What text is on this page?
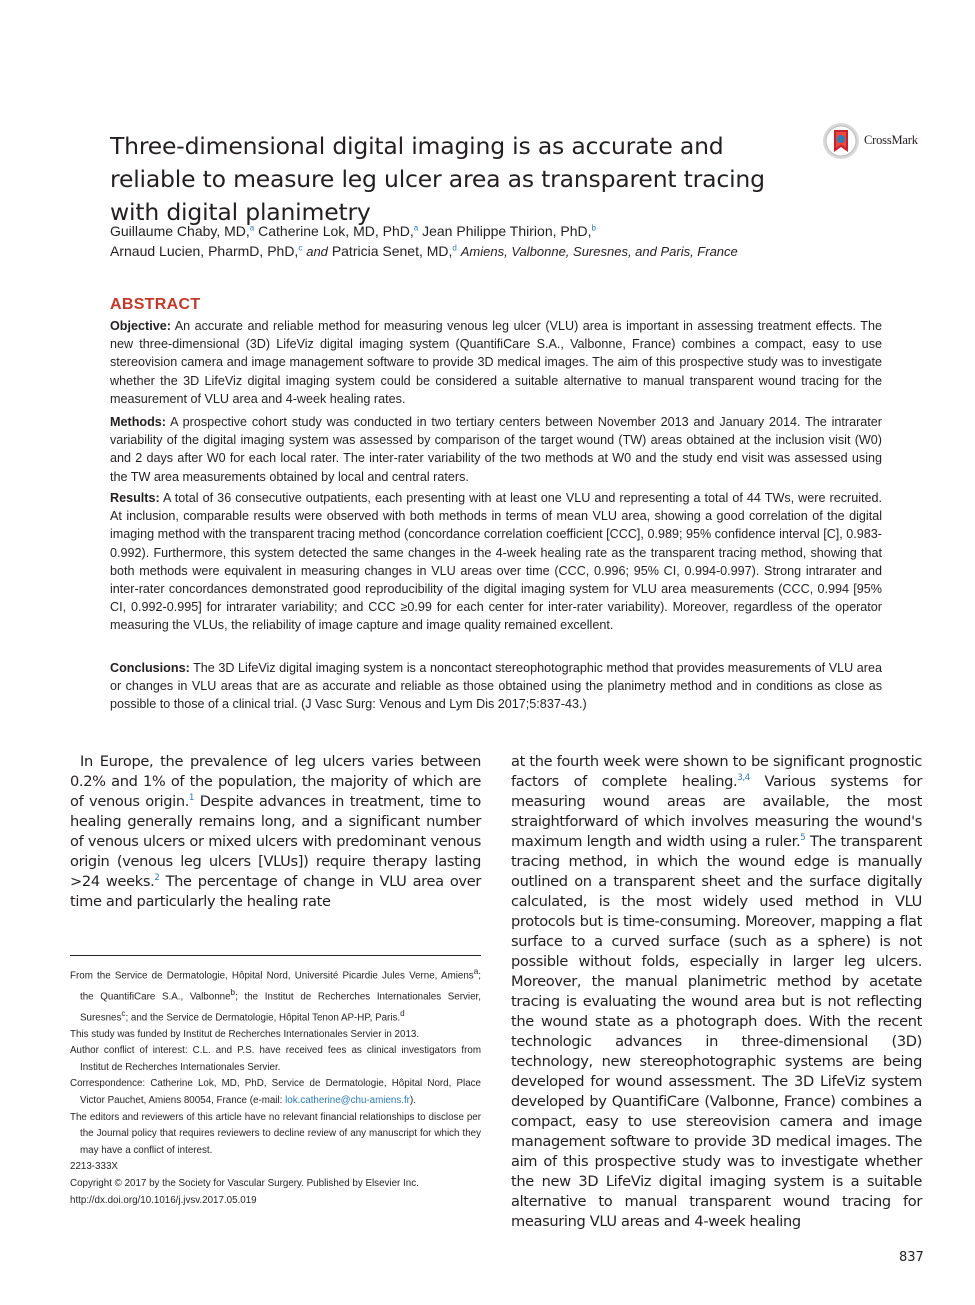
Three-dimensional digital imaging is as accurate and reliable to measure leg ulcer area as transparent tracing with digital planimetry
CrossMark
Guillaume Chaby, MD,$^a$ Catherine Lok, MD, PhD,$^a$ Jean Philippe Thirion, PhD,$^b$
Arnaud Lucien, PharmD, PhD,$^c$ and Patricia Senet, MD,$^d$ Amiens, Valbonne, Suresnes, and Paris, France
ABSTRACT
Objective: An accurate and reliable method for measuring venous leg ulcer (VLU) area is important in assessing treatment effects. The new three-dimensional (3D) LifeViz digital imaging system (QuantifiCare S.A., Valbonne, France) combines a compact, easy to use stereovision camera and image management software to provide 3D medical images. The aim of this prospective study was to investigate whether the 3D LifeViz digital imaging system could be considered a suitable alternative to manual transparent wound tracing for the measurement of VLU area and 4-week healing rates.
Methods: A prospective cohort study was conducted in two tertiary centers between November 2013 and January 2014. The intrarater variability of the digital imaging system was assessed by comparison of the target wound (TW) areas obtained at the inclusion visit (W0) and 2 days after W0 for each local rater. The inter-rater variability of the two methods at W0 and the study end visit was assessed using the TW area measurements obtained by local and central raters.
Results: A total of 36 consecutive outpatients, each presenting with at least one VLU and representing a total of 44 TWs, were recruited. At inclusion, comparable results were observed with both methods in terms of mean VLU area, showing a good correlation of the digital imaging method with the transparent tracing method (concordance correlation coefficient [CCC], 0.989; 95% confidence interval [C], 0.983-0.992). Furthermore, this system detected the same changes in the 4-week healing rate as the transparent tracing method, showing that both methods were equivalent in measuring changes in VLU areas over time (CCC, 0.996; 95% CI, 0.994-0.997). Strong intrarater and inter-rater concordances demonstrated good reproducibility of the digital imaging system for VLU area measurements (CCC, 0.994 [95% CI, 0.992-0.995] for intrarater variability; and CCC ≥0.99 for each center for inter-rater variability). Moreover, regardless of the operator measuring the VLUs, the reliability of image capture and image quality remained excellent.
Conclusions: The 3D LifeViz digital imaging system is a noncontact stereophotographic method that provides measurements of VLU area or changes in VLU areas that are as accurate and reliable as those obtained using the planimetry method and in conditions as close as possible to those of a clinical trial. (J Vasc Surg: Venous and Lym Dis 2017;5:837-43.)
In Europe, the prevalence of leg ulcers varies between 0.2% and 1% of the population, the majority of which are of venous origin.$^1$ Despite advances in treatment, time to healing generally remains long, and a significant number of venous ulcers or mixed ulcers with predominant venous origin (venous leg ulcers [VLUs]) require therapy lasting >24 weeks.$^2$ The percentage of change in VLU area over time and particularly the healing rate
at the fourth week were shown to be significant prognostic factors of complete healing.$^{3,4}$ Various systems for measuring wound areas are available, the most straightforward of which involves measuring the wound's maximum length and width using a ruler.$^5$ The transparent tracing method, in which the wound edge is manually outlined on a transparent sheet and the surface digitally calculated, is the most widely used method in VLU protocols but is time-consuming. Moreover, mapping a flat surface to a curved surface (such as a sphere) is not possible without folds, especially in larger leg ulcers. Moreover, the manual planimetric method by acetate tracing is evaluating the wound area but is not reflecting the wound state as a photograph does. With the recent technologic advances in three-dimensional (3D) technology, new stereophotographic systems are being developed for wound assessment. The 3D LifeViz system developed by QuantifiCare (Valbonne, France) combines a compact, easy to use stereovision camera and image management software to provide 3D medical images. The aim of this prospective study was to investigate whether the new 3D LifeViz digital imaging system is a suitable alternative to manual transparent wound tracing for measuring VLU areas and 4-week healing
From the Service de Dermatologie, Hôpital Nord, Université Picardie Jules Verne, Amiens$^a$; the QuantifiCare S.A., Valbonne$^b$; the Institut de Recherches Internationales Servier, Suresnes$^c$; and the Service de Dermatologie, Hôpital Tenon AP-HP, Paris.$^d$
This study was funded by Institut de Recherches Internationales Servier in 2013.
Author conflict of interest: C.L. and P.S. have received fees as clinical investigators from Institut de Recherches Internationales Servier.
Correspondence: Catherine Lok, MD, PhD, Service de Dermatologie, Hôpital Nord, Place Victor Pauchet, Amiens 80054, France (e-mail: lok.catherine@chu-amiens.fr).
The editors and reviewers of this article have no relevant financial relationships to disclose per the Journal policy that requires reviewers to decline review of any manuscript for which they may have a conflict of interest.
2213-333X
Copyright © 2017 by the Society for Vascular Surgery. Published by Elsevier Inc.
http://dx.doi.org/10.1016/j.jvsv.2017.05.019
837
